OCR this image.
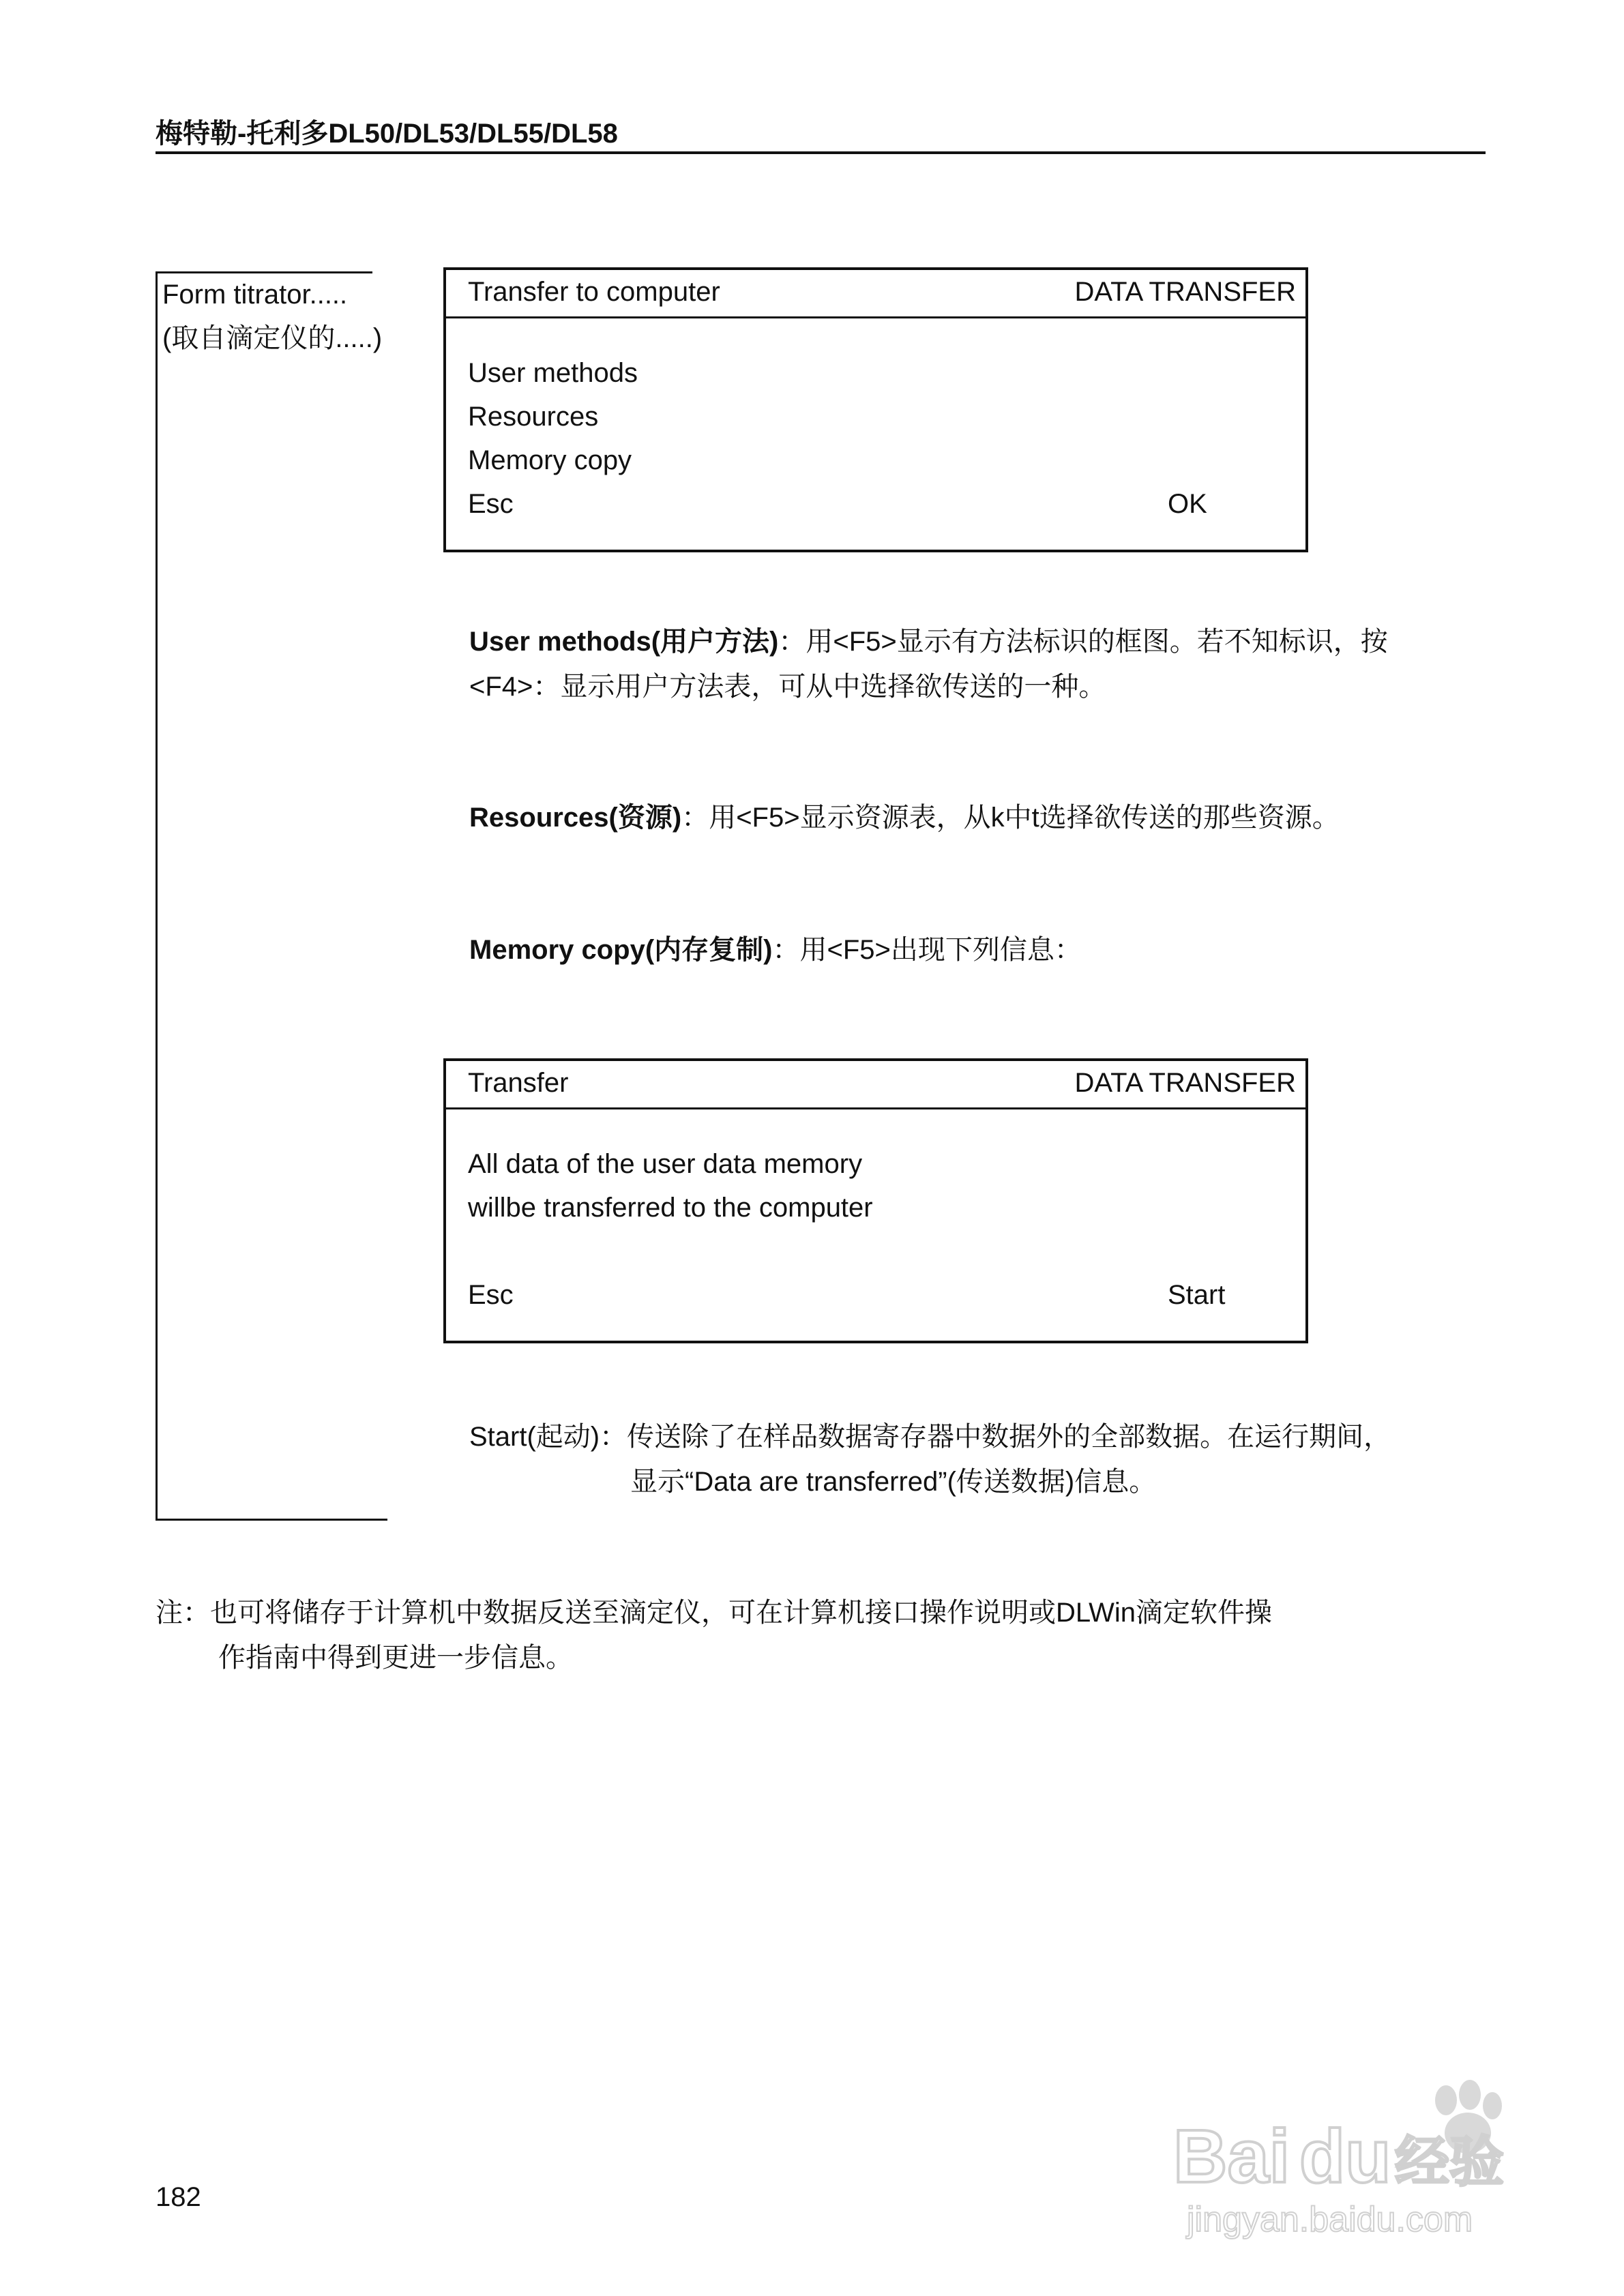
梅特勒-托利多DL50/DL53/DL55/DL58
Form titrator.....
(取自滴定仪的.....)
Transfer to computer	DATA TRANSFER
User methods
Resources
Memory copy
Esc	OK
User methods(用户方法)：用<F5>显示有方法标识的框图。若不知标识，按
<F4>：显示用户方法表，可从中选择欲传送的一种。
Resources(资源)：用<F5>显示资源表，从k中t选择欲传送的那些资源。
Memory copy(内存复制)：用<F5>出现下列信息：
Transfer	DATA TRANSFER
All data of the user data memory
willbe transferred to the computer
Esc	Start
Start(起动)：传送除了在样品数据寄存器中数据外的全部数据。在运行期间，
显示“Data are transferred”(传送数据)信息。
注：也可将储存于计算机中数据反送至滴定仪，可在计算机接口操作说明或DLWin滴定软件操
作指南中得到更进一步信息。
182	Bai du 经验
jingyan.baidu.com
